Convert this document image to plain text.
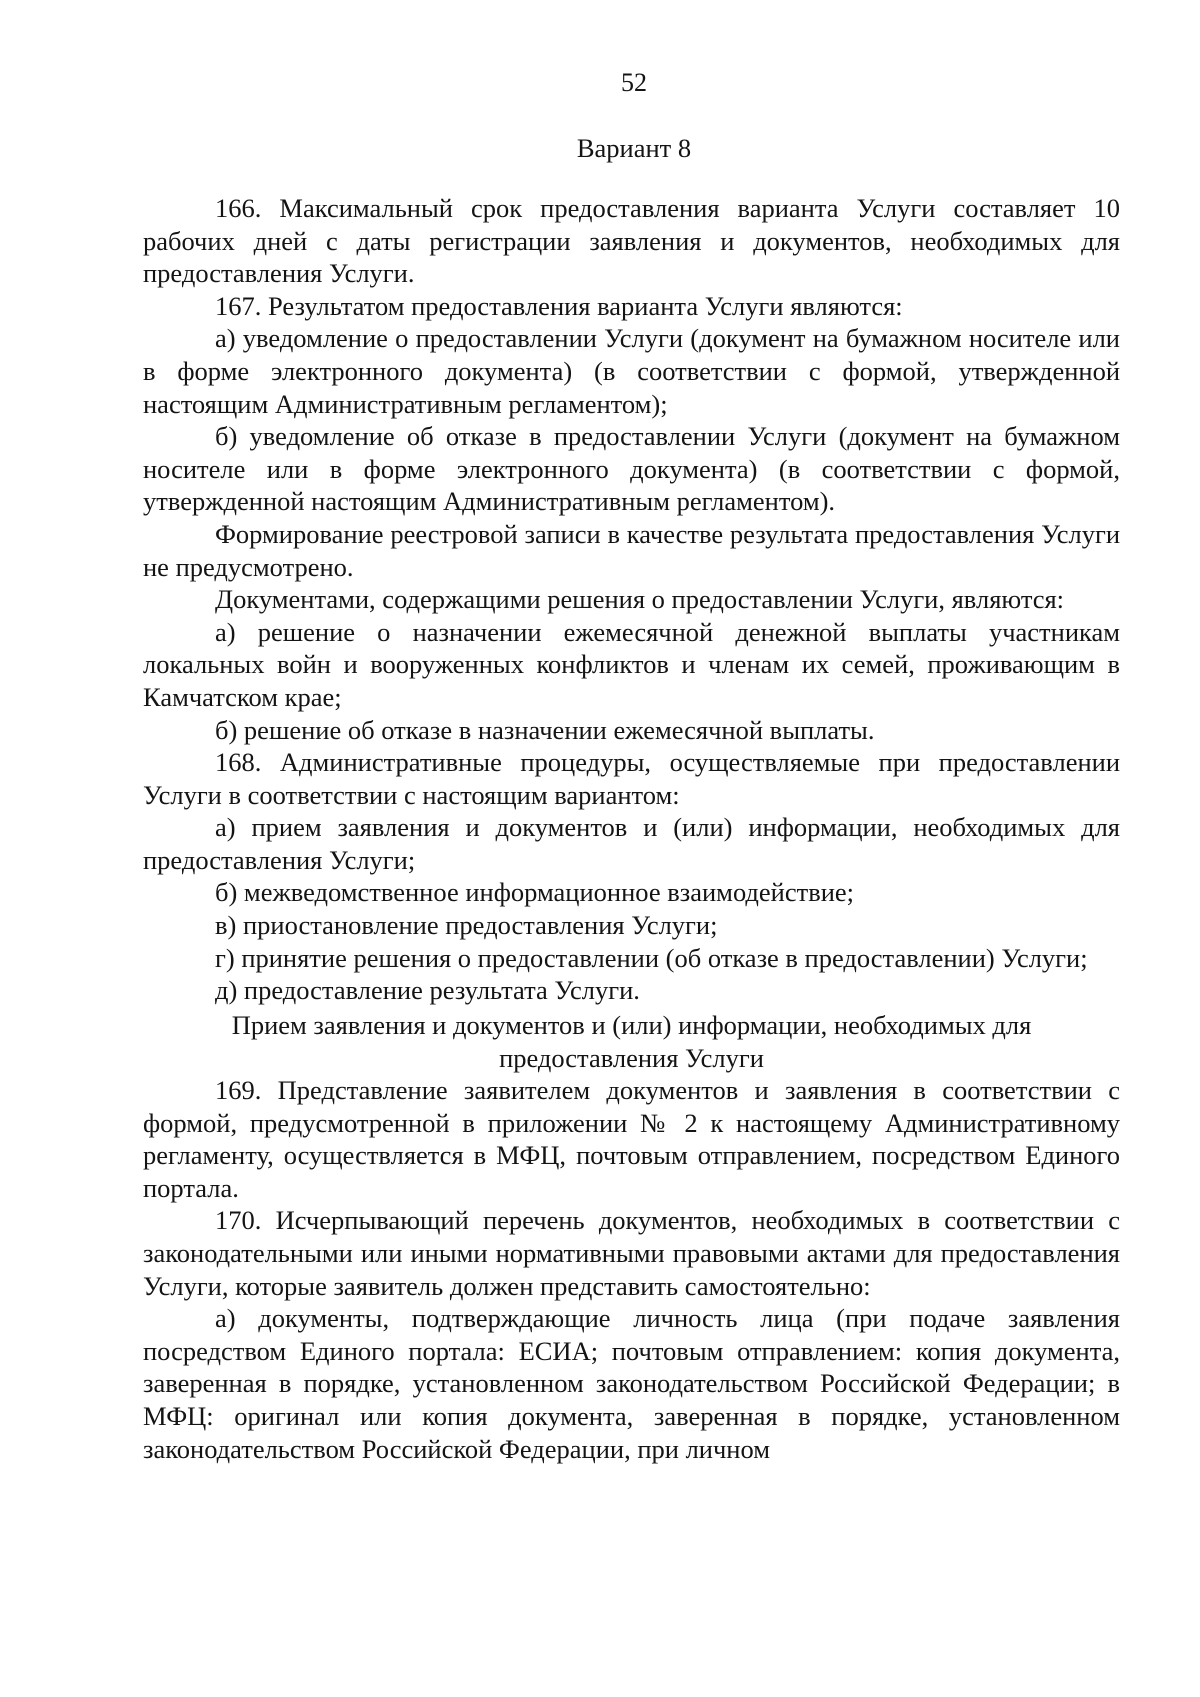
52
Вариант 8

166. Максимальный срок предоставления варианта Услуги составляет 10 рабочих дней с даты регистрации заявления и документов, необходимых для предоставления Услуги.

167. Результатом предоставления варианта Услуги являются:

а) уведомление о предоставлении Услуги (документ на бумажном носителе или в форме электронного документа) (в соответствии с формой, утвержденной настоящим Административным регламентом);

б) уведомление об отказе в предоставлении Услуги (документ на бумажном носителе или в форме электронного документа) (в соответствии с формой, утвержденной настоящим Административным регламентом).

Формирование реестровой записи в качестве результата предоставления Услуги не предусмотрено.

Документами, содержащими решения о предоставлении Услуги, являются:

а) решение о назначении ежемесячной денежной выплаты участникам локальных войн и вооруженных конфликтов и членам их семей, проживающим в Камчатском крае;

б) решение об отказе в назначении ежемесячной выплаты.

168. Административные процедуры, осуществляемые при предоставлении Услуги в соответствии с настоящим вариантом:

а) прием заявления и документов и (или) информации, необходимых для предоставления Услуги;

б) межведомственное информационное взаимодействие;

в) приостановление предоставления Услуги;

г) принятие решения о предоставлении (об отказе в предоставлении) Услуги;

д) предоставление результата Услуги.

Прием заявления и документов и (или) информации, необходимых для
предоставления Услуги

169. Представление заявителем документов и заявления в соответствии с формой, предусмотренной в приложении № 2 к настоящему Административному регламенту, осуществляется в МФЦ, почтовым отправлением, посредством Единого портала.

170. Исчерпывающий перечень документов, необходимых в соответствии с законодательными или иными нормативными правовыми актами для предоставления Услуги, которые заявитель должен представить самостоятельно:

а) документы, подтверждающие личность лица (при подаче заявления посредством Единого портала: ЕСИА; почтовым отправлением: копия документа, заверенная в порядке, установленном законодательством Российской Федерации; в МФЦ: оригинал или копия документа, заверенная в порядке, установленном законодательством Российской Федерации, при личном
